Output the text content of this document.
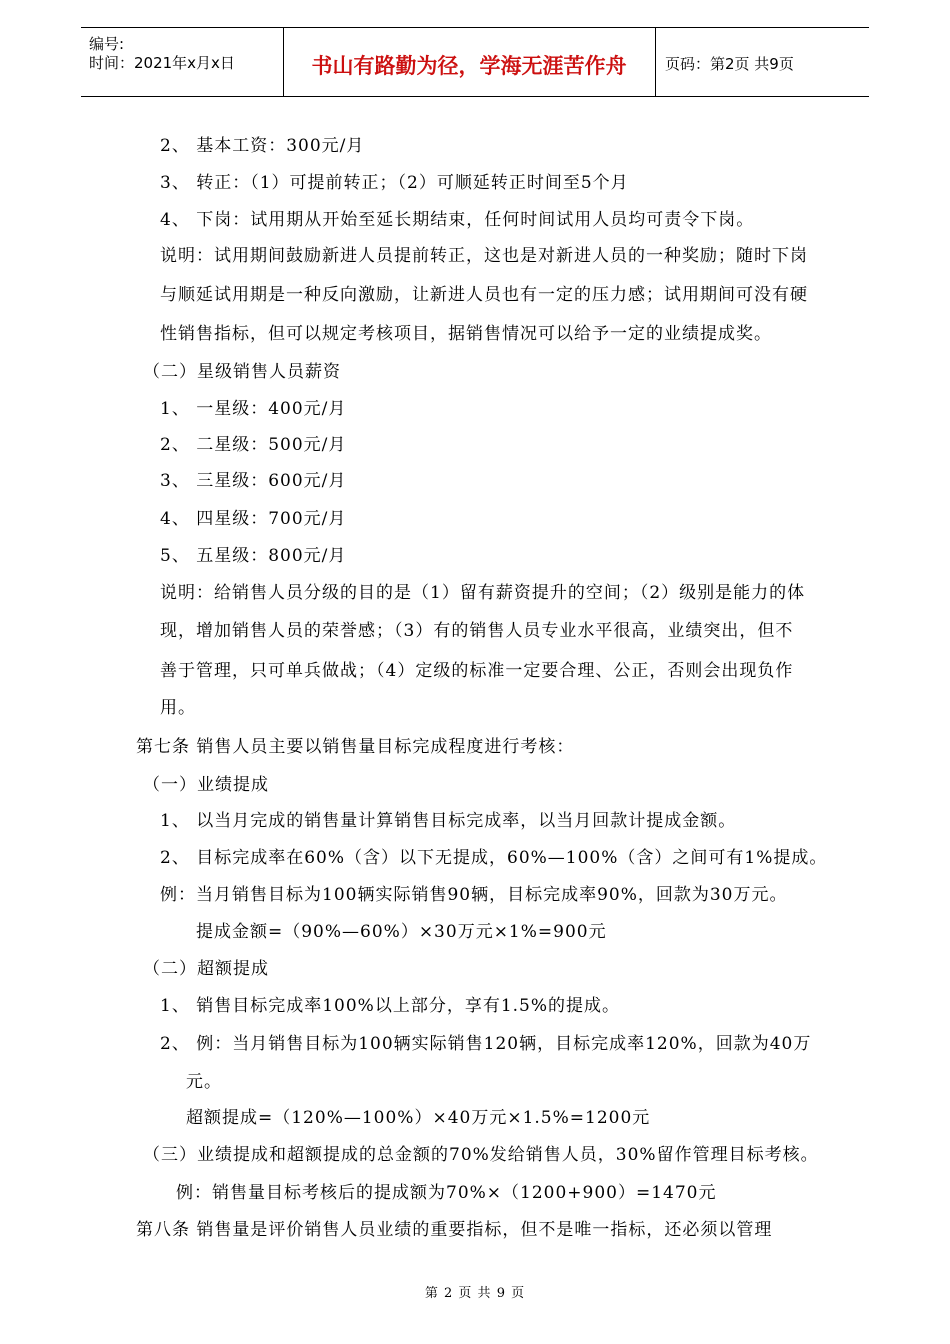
编号:
时间：2021年x月x日	书山有路勤为径，学海无涯苦作舟	页码：第2页 共9页
2、 基本工资：300元/月
3、 转正：（1）可提前转正；（2）可顺延转正时间至5个月
4、 下岗：试用期从开始至延长期结束，任何时间试用人员均可责令下岗。
说明：试用期间鼓励新进人员提前转正，这也是对新进人员的一种奖励；随时下岗
与顺延试用期是一种反向激励，让新进人员也有一定的压力感；试用期间可没有硬
性销售指标，但可以规定考核项目，据销售情况可以给予一定的业绩提成奖。
（二）星级销售人员薪资
1、 一星级：400元/月
2、 二星级：500元/月
3、 三星级：600元/月
4、 四星级：700元/月
5、 五星级：800元/月
说明：给销售人员分级的目的是（1）留有薪资提升的空间；（2）级别是能力的体
现，增加销售人员的荣誉感；（3）有的销售人员专业水平很高，业绩突出，但不
善于管理，只可单兵做战；（4）定级的标准一定要合理、公正，否则会出现负作
用。
第七条 销售人员主要以销售量目标完成程度进行考核：
（一）业绩提成
1、 以当月完成的销售量计算销售目标完成率，以当月回款计提成金额。
2、 目标完成率在60%（含）以下无提成，60%—100%（含）之间可有1%提成。
例：当月销售目标为100辆实际销售90辆，目标完成率90%，回款为30万元。
提成金额=（90%—60%）×30万元×1%=900元
（二）超额提成
1、 销售目标完成率100%以上部分，享有1.5%的提成。
2、 例：当月销售目标为100辆实际销售120辆，目标完成率120%，回款为40万
元。
超额提成=（120%—100%）×40万元×1.5%=1200元
（三）业绩提成和超额提成的总金额的70%发给销售人员，30%留作管理目标考核。
例：销售量目标考核后的提成额为70%×（1200+900）=1470元
第八条 销售量是评价销售人员业绩的重要指标，但不是唯一指标，还必须以管理
第 2 页 共 9 页
